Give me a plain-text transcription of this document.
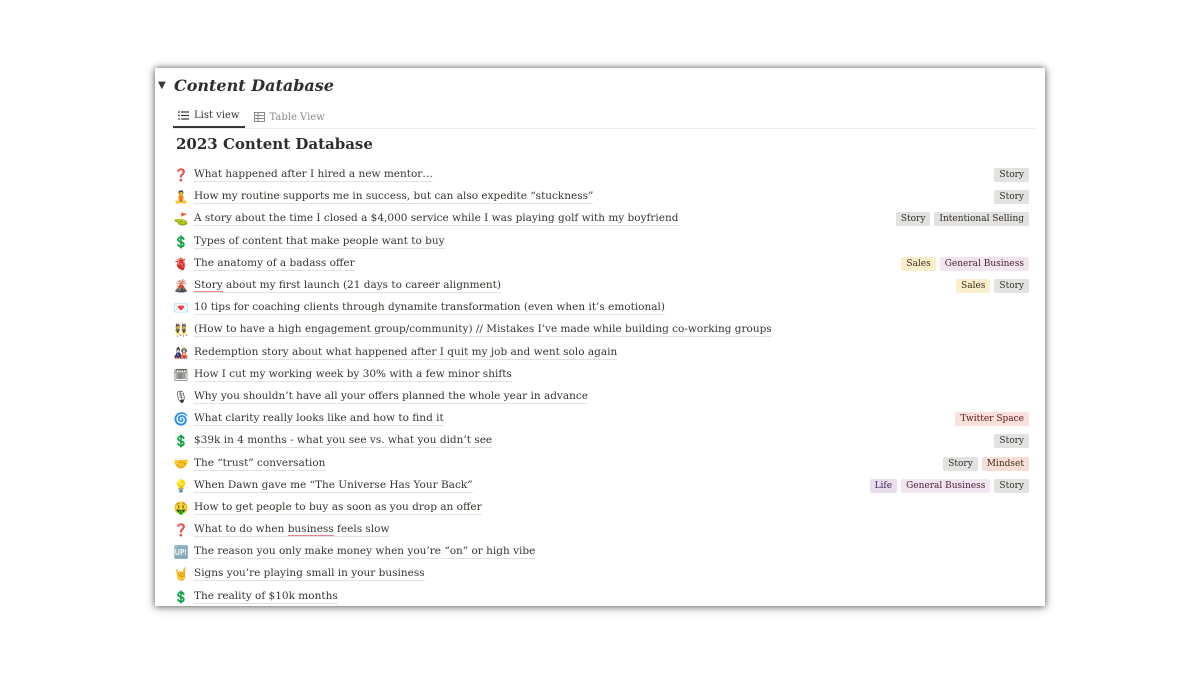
▼ Content Database
List view	Table View
2023 Content Database
❓ What happened after I hired a new mentor…	Story
🧘 How my routine supports me in success, but can also expedite “stuckness”	Story
⛳ A story about the time I closed a $4,000 service while I was playing golf with my boyfriend	Story	Intentional Selling
💲 Types of content that make people want to buy
🫀 The anatomy of a badass offer	Sales	General Business
🌋 Story about my first launch (21 days to career alignment)	Sales	Story
💌 10 tips for coaching clients through dynamite transformation (even when it’s emotional)
👯 (How to have a high engagement group/community) // Mistakes I’ve made while building co-working groups
🎎 Redemption story about what happened after I quit my job and went solo again
🗓 How I cut my working week by 30% with a few minor shifts
🎙 Why you shouldn’t have all your offers planned the whole year in advance
🌀 What clarity really looks like and how to find it	Twitter Space
💲 $39k in 4 months - what you see vs. what you didn’t see	Story
🤝 The “trust” conversation	Story	Mindset
💡 When Dawn gave me “The Universe Has Your Back”	Life	General Business	Story
🤑 How to get people to buy as soon as you drop an offer
❓ What to do when business feels slow
🆙 The reason you only make money when you’re “on” or high vibe
🤘 Signs you’re playing small in your business
💲 The reality of $10k months
